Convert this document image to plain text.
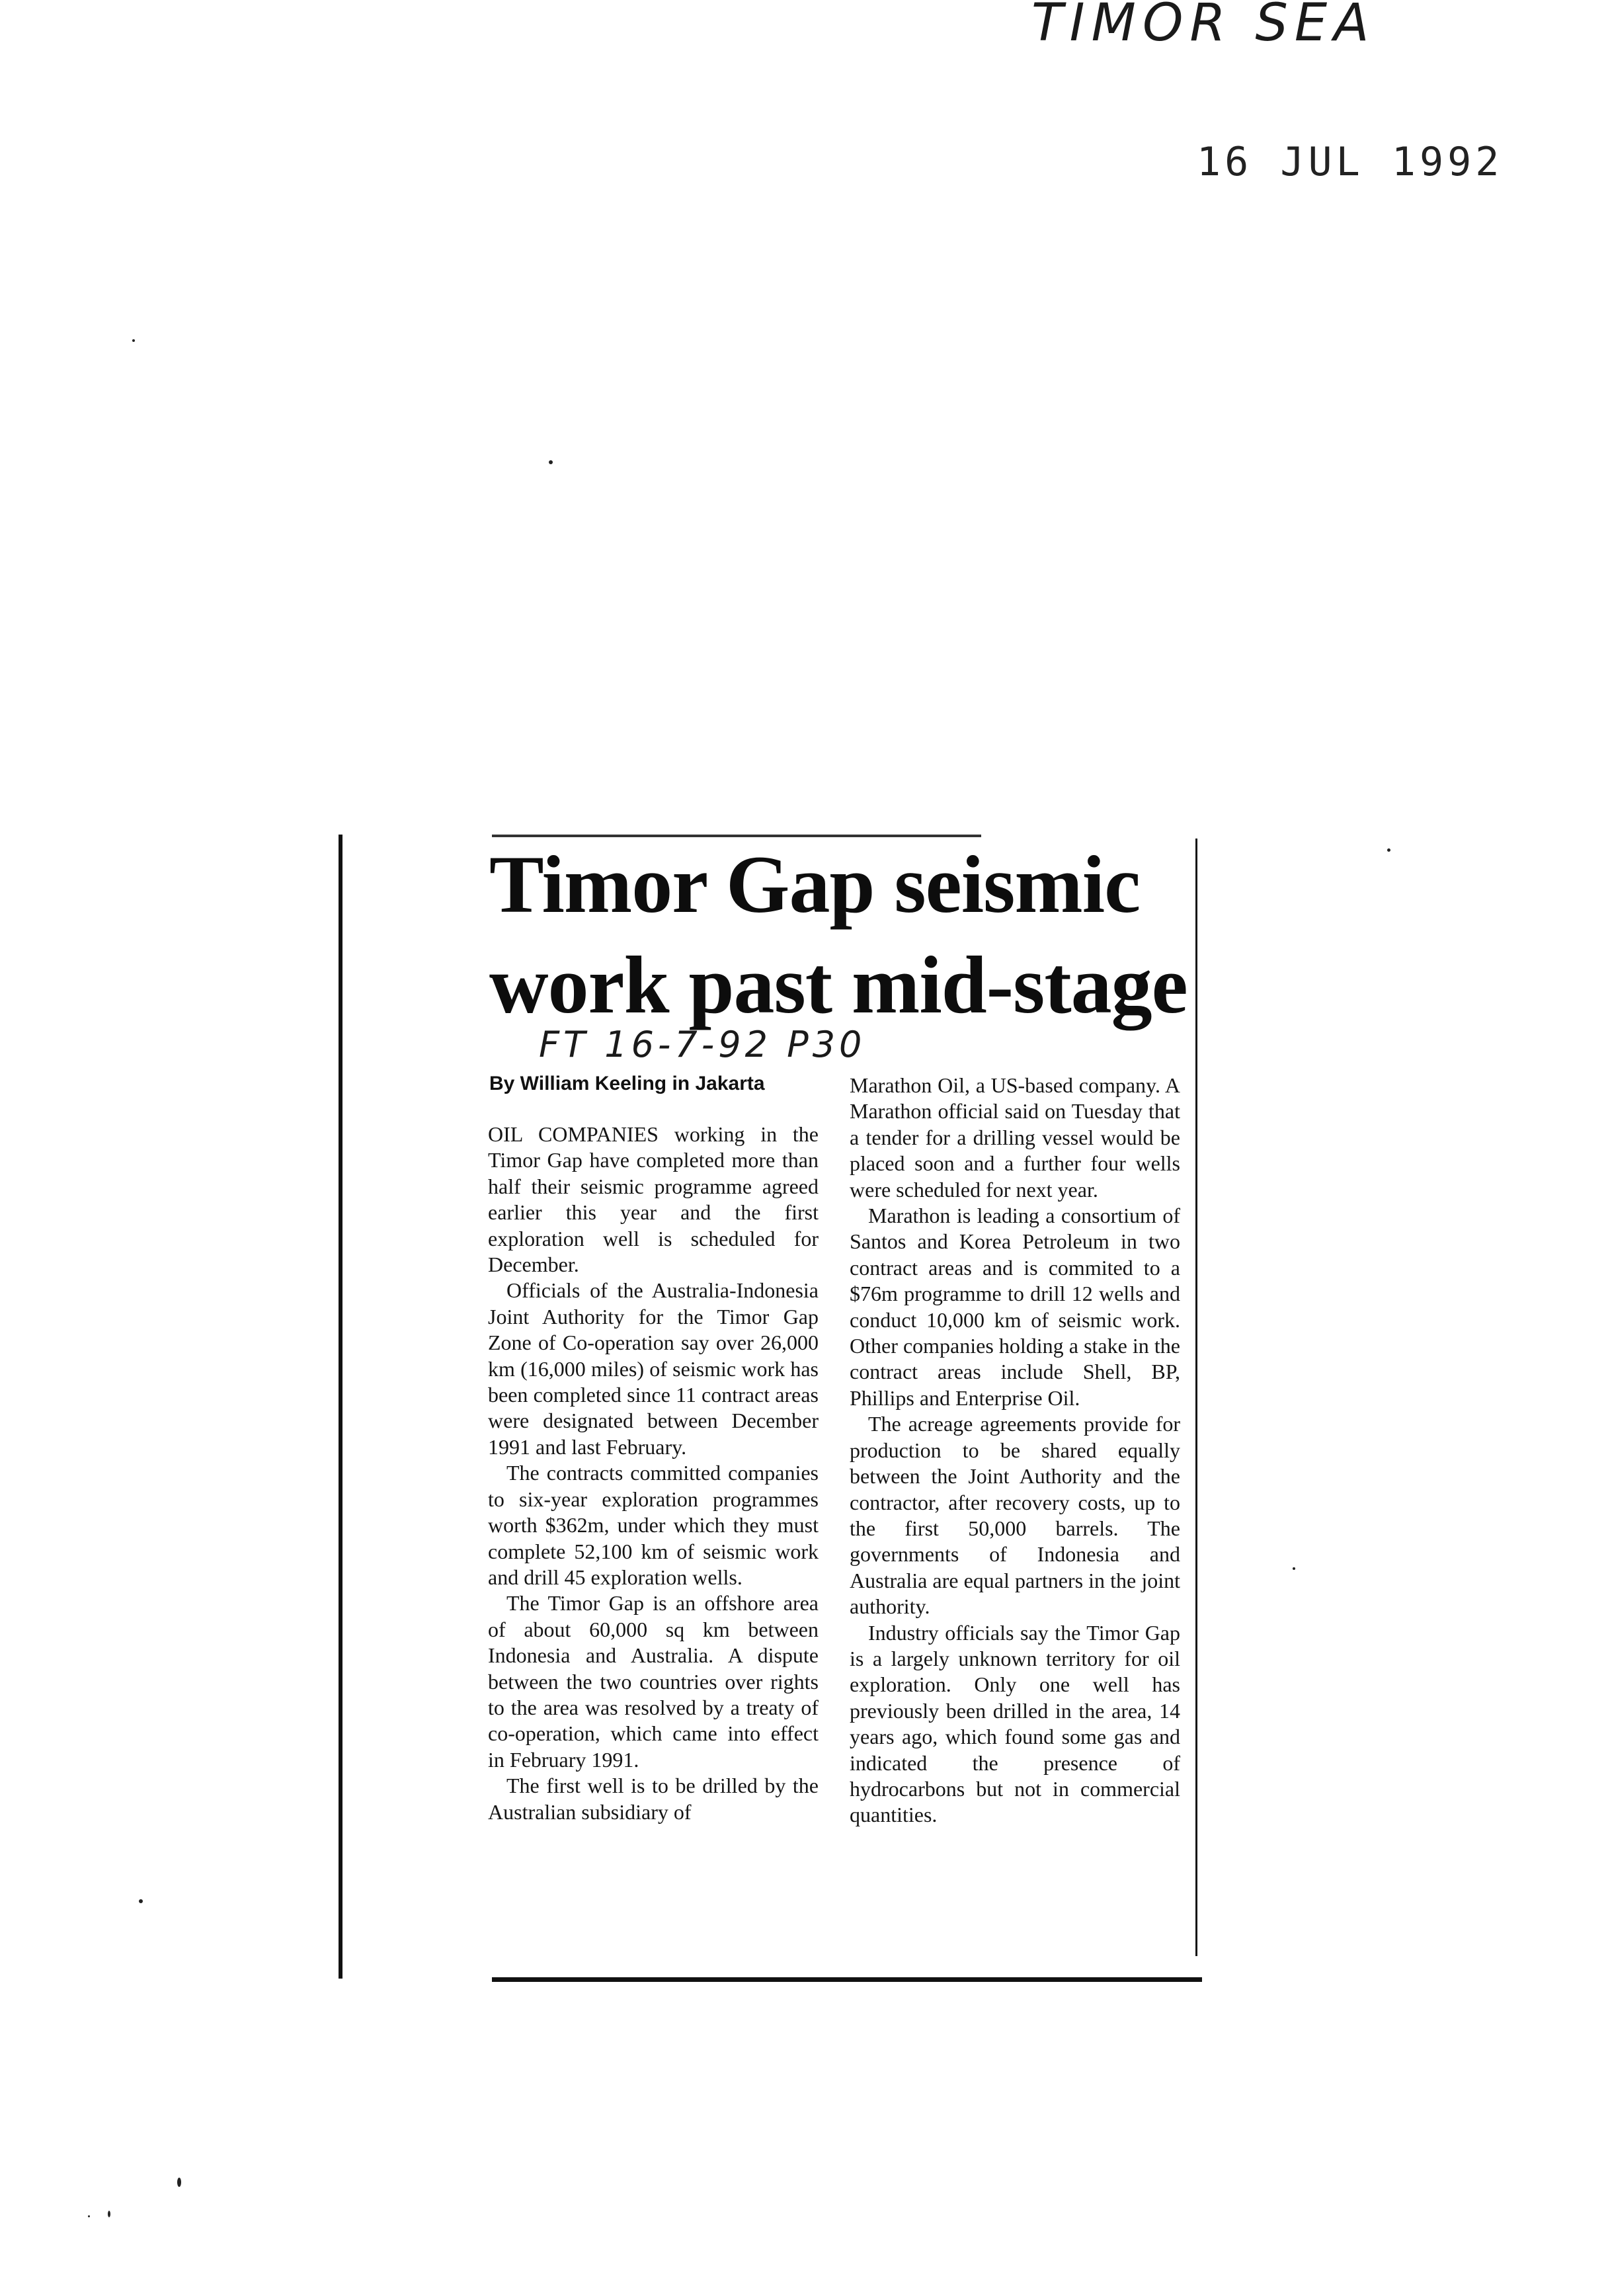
TIMOR SEA
16 JUL 1992
FT 16-7-92 P30
Timor Gap seismic work past mid-stage
By William Keeling in Jakarta

OIL COMPANIES working in the Timor Gap have completed more than half their seismic programme agreed earlier this year and the first exploration well is scheduled for December.

Officials of the Australia-Indonesia Joint Authority for the Timor Gap Zone of Co-operation say over 26,000 km (16,000 miles) of seismic work has been completed since 11 contract areas were designated between December 1991 and last February.

The contracts committed companies to six-year exploration programmes worth $362m, under which they must complete 52,100 km of seismic work and drill 45 exploration wells.

The Timor Gap is an offshore area of about 60,000 sq km between Indonesia and Australia. A dispute between the two countries over rights to the area was resolved by a treaty of co-operation, which came into effect in February 1991.

The first well is to be drilled by the Australian subsidiary of

Marathon Oil, a US-based company. A Marathon official said on Tuesday that a tender for a drilling vessel would be placed soon and a further four wells were scheduled for next year.

Marathon is leading a consortium of Santos and Korea Petroleum in two contract areas and is commited to a $76m programme to drill 12 wells and conduct 10,000 km of seismic work. Other companies holding a stake in the contract areas include Shell, BP, Phillips and Enterprise Oil.

The acreage agreements provide for production to be shared equally between the Joint Authority and the contractor, after recovery costs, up to the first 50,000 barrels. The governments of Indonesia and Australia are equal partners in the joint authority.

Industry officials say the Timor Gap is a largely unknown territory for oil exploration. Only one well has previously been drilled in the area, 14 years ago, which found some gas and indicated the presence of hydrocarbons but not in commercial quantities.
